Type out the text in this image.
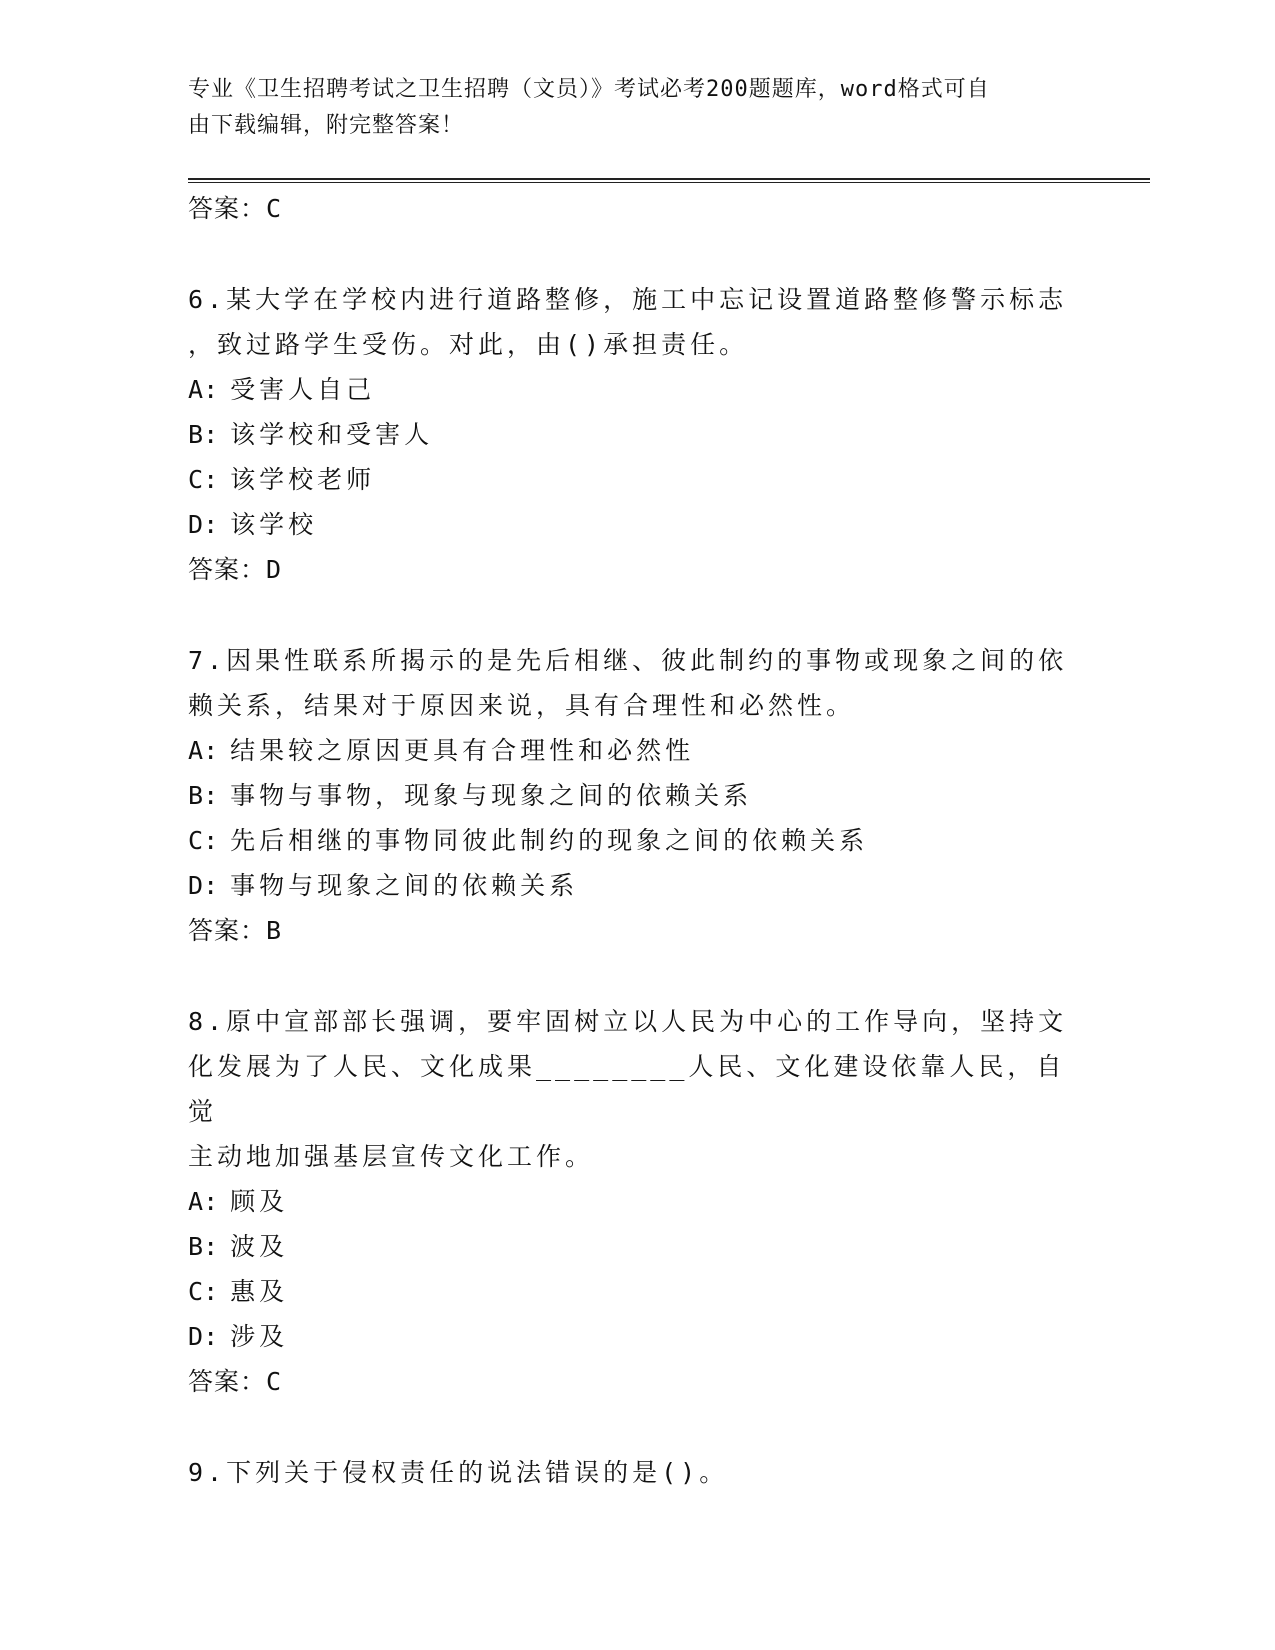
专业《卫生招聘考试之卫生招聘（文员）》考试必考200题题库，word格式可自
由下载编辑，附完整答案！
答案：C
6.某大学在学校内进行道路整修，施工中忘记设置道路整修警示标志
，致过路学生受伤。对此，由()承担责任。
A: 受害人自己
B: 该学校和受害人
C: 该学校老师
D: 该学校
答案：D
7.因果性联系所揭示的是先后相继、彼此制约的事物或现象之间的依
赖关系，结果对于原因来说，具有合理性和必然性。
A: 结果较之原因更具有合理性和必然性
B: 事物与事物，现象与现象之间的依赖关系
C: 先后相继的事物同彼此制约的现象之间的依赖关系
D: 事物与现象之间的依赖关系
答案：B
8.原中宣部部长强调，要牢固树立以人民为中心的工作导向，坚持文
化发展为了人民、文化成果________人民、文化建设依靠人民，自觉
主动地加强基层宣传文化工作。
A: 顾及
B: 波及
C: 惠及
D: 涉及
答案：C
9.下列关于侵权责任的说法错误的是()。
